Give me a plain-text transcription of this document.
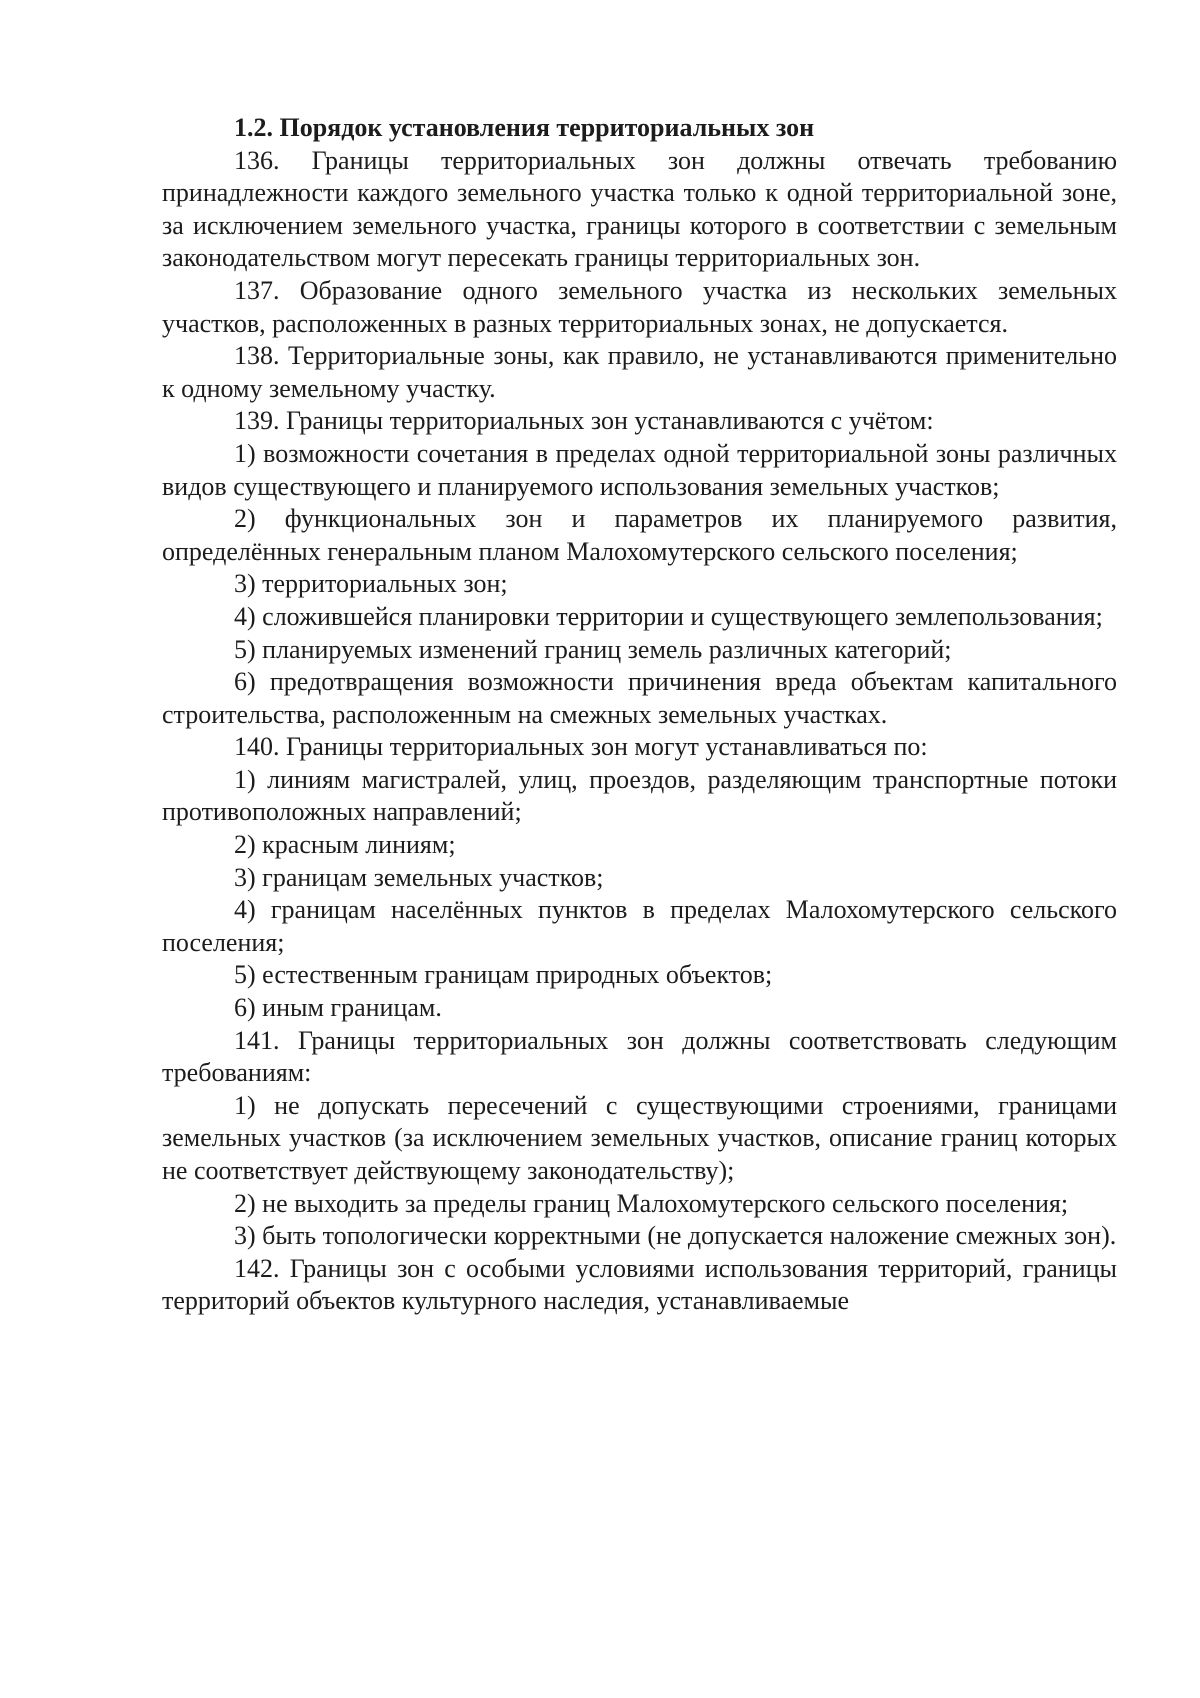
1.2. Порядок установления территориальных зон

136. Границы территориальных зон должны отвечать требованию принадлежности каждого земельного участка только к одной территориальной зоне, за исключением земельного участка, границы которого в соответствии с земельным законодательством могут пересекать границы территориальных зон.

137. Образование одного земельного участка из нескольких земельных участков, расположенных в разных территориальных зонах, не допускается.

138. Территориальные зоны, как правило, не устанавливаются применительно к одному земельному участку.

139. Границы территориальных зон устанавливаются с учётом:

1) возможности сочетания в пределах одной территориальной зоны различных видов существующего и планируемого использования земельных участков;

2) функциональных зон и параметров их планируемого развития, определённых генеральным планом Малохомутерского сельского поселения;

3) территориальных зон;

4) сложившейся планировки территории и существующего землепользования;

5) планируемых изменений границ земель различных категорий;

6) предотвращения возможности причинения вреда объектам капитального строительства, расположенным на смежных земельных участках.

140. Границы территориальных зон могут устанавливаться по:

1) линиям магистралей, улиц, проездов, разделяющим транспортные потоки противоположных направлений;

2) красным линиям;

3) границам земельных участков;

4) границам населённых пунктов в пределах Малохомутерского сельского поселения;

5) естественным границам природных объектов;

6) иным границам.

141. Границы территориальных зон должны соответствовать следующим требованиям:

1) не допускать пересечений с существующими строениями, границами земельных участков (за исключением земельных участков, описание границ которых не соответствует действующему законодательству);

2) не выходить за пределы границ Малохомутерского сельского поселения;

3) быть топологически корректными (не допускается наложение смежных зон).

142. Границы зон с особыми условиями использования территорий, границы территорий объектов культурного наследия, устанавливаемые
